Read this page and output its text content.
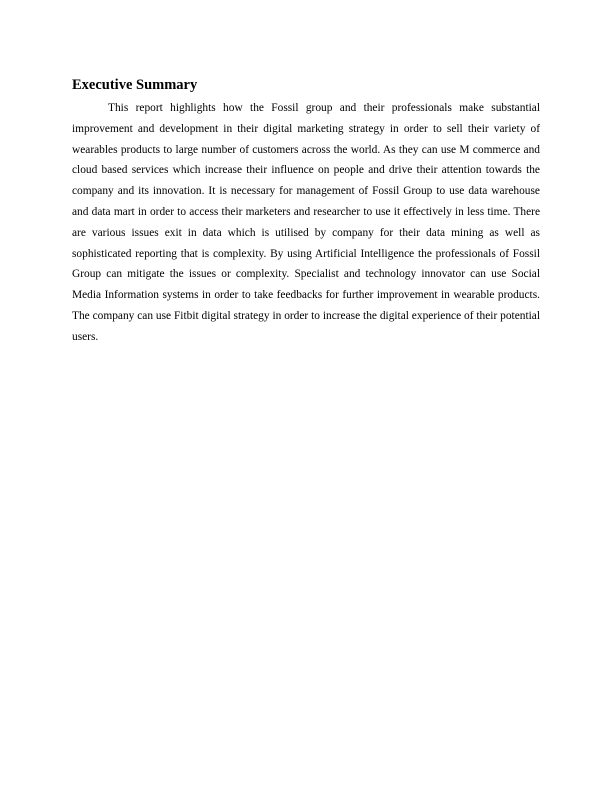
Executive Summary

This report highlights how the Fossil group and their professionals make substantial improvement and development in their digital marketing strategy in order to sell their variety of wearables products to large number of customers across the world. As they can use M commerce and cloud based services which increase their influence on people and drive their attention towards the company and its innovation. It is necessary for management of Fossil Group to use data warehouse and data mart in order to access their marketers and researcher to use it effectively in less time. There are various issues exit in data which is utilised by company for their data mining as well as sophisticated reporting that is complexity. By using Artificial Intelligence the professionals of Fossil Group can mitigate the issues or complexity. Specialist and technology innovator can use Social Media Information systems in order to take feedbacks for further improvement in wearable products. The company can use Fitbit digital strategy in order to increase the digital experience of their potential users.
